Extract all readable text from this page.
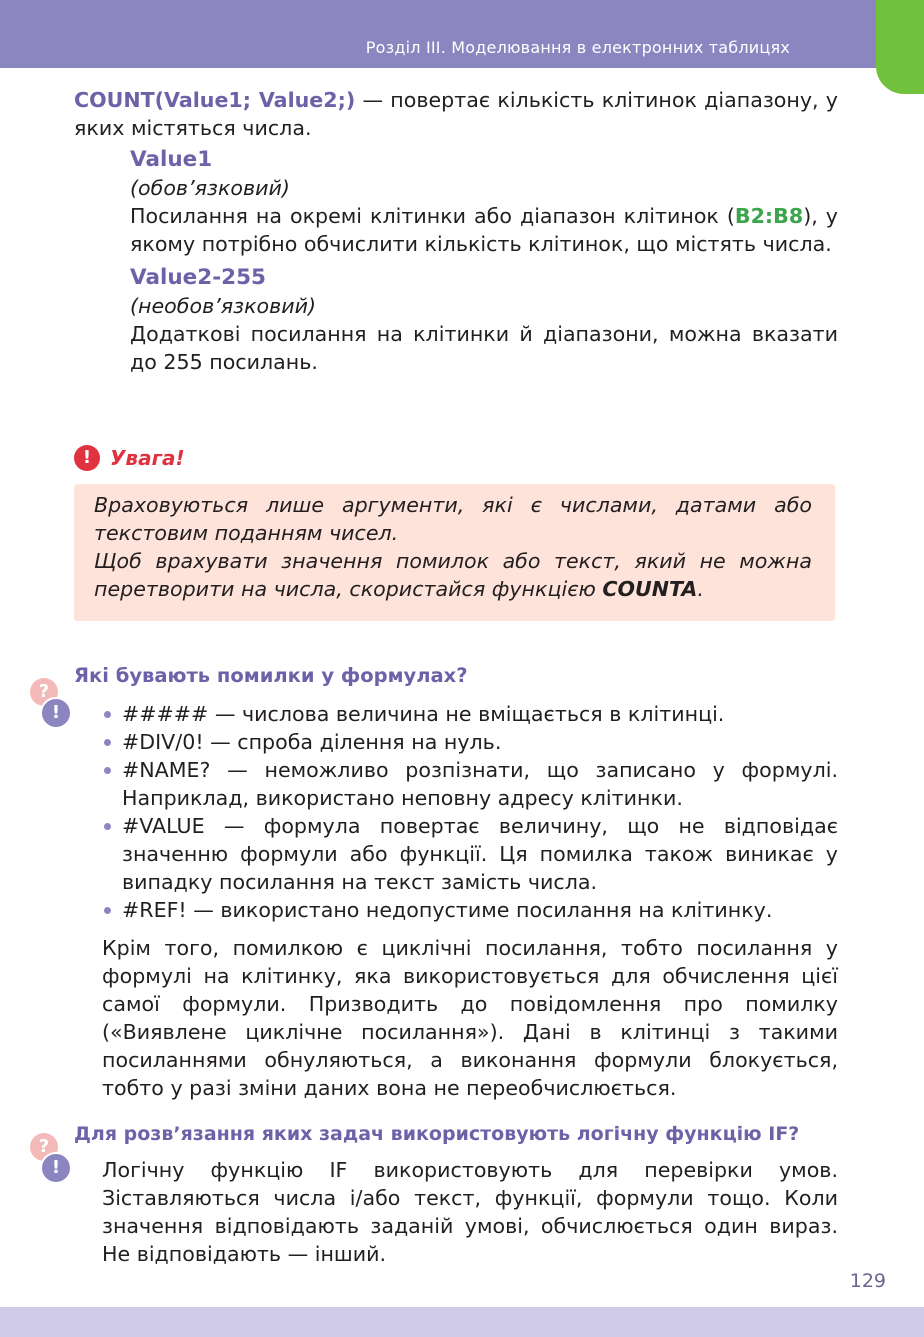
Розділ ІІІ. Моделювання в електронних таблицях

COUNT(Value1; Value2;) — повертає кількість клітинок діапазону, у яких містяться числа.

Value1
(обов’язковий)

Посилання на окремі клітинки або діапазон клітинок (B2:B8), у якому потрібно обчислити кількість клітинок, що містять числа.

Value2-255
(необов’язковий)

Додаткові посилання на клітинки й діапазони, можна вказати до 255 посилань.

! Увага!

Враховуються лише аргументи, які є числами, датами або текстовим поданням чисел.

Щоб врахувати значення помилок або текст, який не можна перетворити на числа, скористайся функцією COUNTA.

?
!
Які бувають помилки у формулах?
##### — числова величина не вміщається в клітинці.
#DIV/0! — спроба ділення на нуль.
#NAME? — неможливо розпізнати, що записано у формулі. Наприклад, використано неповну адресу клітинки.
#VALUE — формула повертає величину, що не відповідає значенню формули або функції. Ця помилка також виникає у випадку посилання на текст замість числа.
#REF! — використано недопустиме посилання на клітинку.

Крім того, помилкою є циклічні посилання, тобто посилання у формулі на клітинку, яка використовується для обчислення цієї самої формули. Призводить до повідомлення про помилку («Виявлене циклічне посилання»). Дані в клітинці з такими посиланнями обнуляються, а виконання формули блокується, тобто у разі зміни даних вона не переобчислюється.

?
!
Для розв’язання яких задач використовують логічну функцію IF?

Логічну функцію IF використовують для перевірки умов. Зіставляються числа і/або текст, функції, формули тощо. Коли значення відповідають заданій умові, обчислюється один вираз. Не відповідають — інший.

129
